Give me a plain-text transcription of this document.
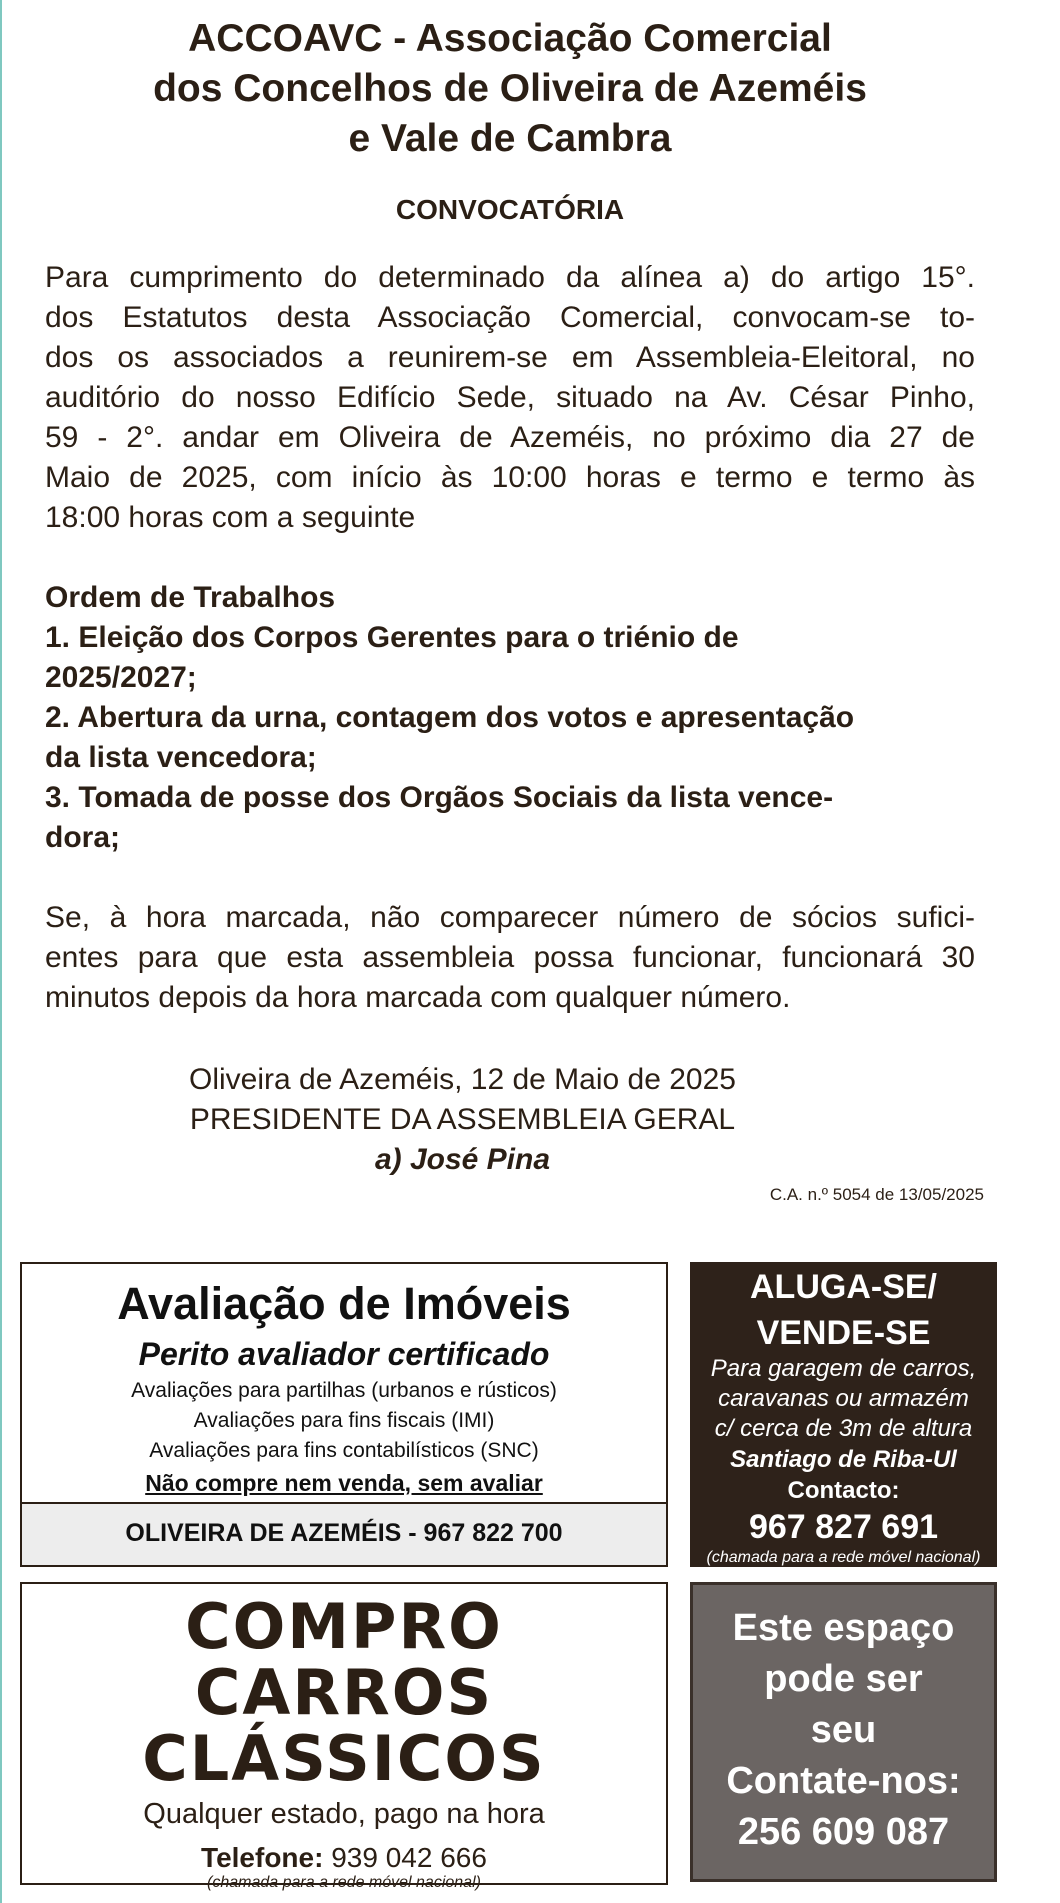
ACCOAVC - Associação Comercial
dos Concelhos de Oliveira de Azeméis
e Vale de Cambra
CONVOCATÓRIA
Para cumprimento do determinado da alínea a) do artigo 15°.
dos Estatutos desta Associação Comercial, convocam-se to-
dos os associados a reunirem-se em Assembleia-Eleitoral, no
auditório do nosso Edifício Sede, situado na Av. César Pinho,
59 - 2°. andar em Oliveira de Azeméis, no próximo dia 27 de
Maio de 2025, com início às 10:00 horas e termo e termo às
18:00 horas com a seguinte
Ordem de Trabalhos
1. Eleição dos Corpos Gerentes para o triénio de
2025/2027;
2. Abertura da urna, contagem dos votos e apresentação
da lista vencedora;
3. Tomada de posse dos Orgãos Sociais da lista vence-
dora;
Se, à hora marcada, não comparecer número de sócios sufici-
entes para que esta assembleia possa funcionar, funcionará 30
minutos depois da hora marcada com qualquer número.
Oliveira de Azeméis, 12 de Maio de 2025
PRESIDENTE DA ASSEMBLEIA GERAL
a) José Pina
C.A. n.º 5054 de 13/05/2025
Avaliação de Imóveis
Perito avaliador certificado
Avaliações para partilhas (urbanos e rústicos)
Avaliações para fins fiscais (IMI)
Avaliações para fins contabilísticos (SNC)
Não compre nem venda, sem avaliar
OLIVEIRA DE AZEMÉIS - 967 822 700
ALUGA-SE/
VENDE-SE
Para garagem de carros,
caravanas ou armazém
c/ cerca de 3m de altura
Santiago de Riba-Ul
Contacto:
967 827 691
(chamada para a rede móvel nacional)
COMPRO
CARROS
CLÁSSICOS
Qualquer estado, pago na hora
Telefone: 939 042 666
(chamada para a rede móvel nacional)
Este espaço
pode ser
seu
Contate-nos:
256 609 087
